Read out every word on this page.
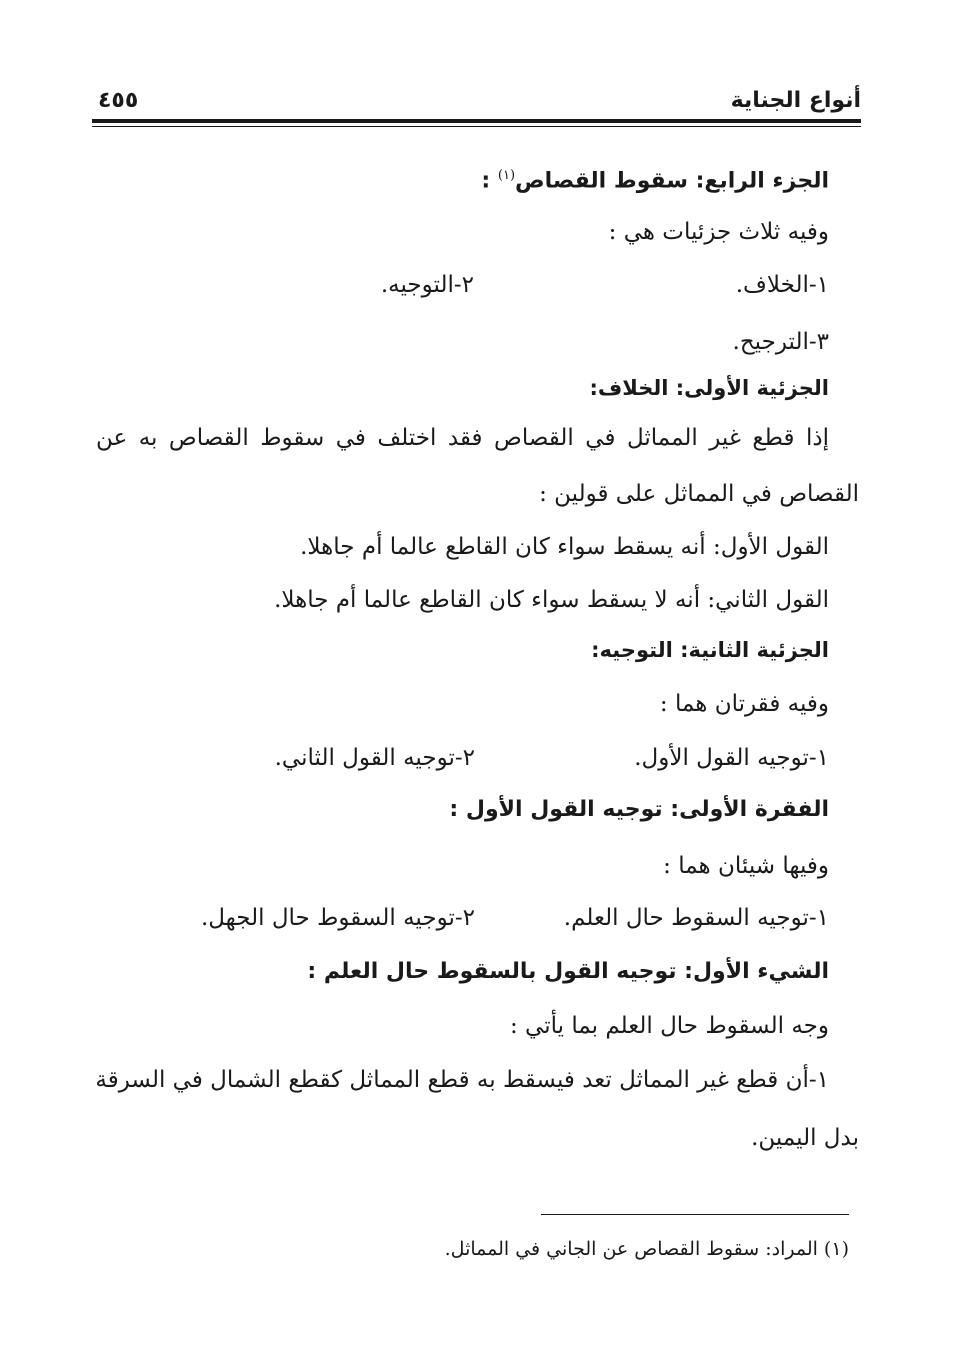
أنواع الجناية
٤٥٥
الجزء الرابع: سقوط القصاص$^{(١)}$ :
وفيه ثلاث جزئيات هي :
١-الخلاف.
٢-التوجيه.
٣-الترجيح.
الجزئية الأولى: الخلاف:
إذا قطع غير المماثل في القصاص فقد اختلف في سقوط القصاص به عن
القصاص في المماثل على قولين :
القول الأول: أنه يسقط سواء كان القاطع عالما أم جاهلا.
القول الثاني: أنه لا يسقط سواء كان القاطع عالما أم جاهلا.
الجزئية الثانية: التوجيه:
وفيه فقرتان هما :
١-توجيه القول الأول.
٢-توجيه القول الثاني.
الفقرة الأولى: توجيه القول الأول :
وفيها شيئان هما :
١-توجيه السقوط حال العلم.
٢-توجيه السقوط حال الجهل.
الشيء الأول: توجيه القول بالسقوط حال العلم :
وجه السقوط حال العلم بما يأتي :
١-أن قطع غير المماثل تعد فيسقط به قطع المماثل كقطع الشمال في السرقة
بدل اليمين.
(١) المراد: سقوط القصاص عن الجاني في المماثل.
